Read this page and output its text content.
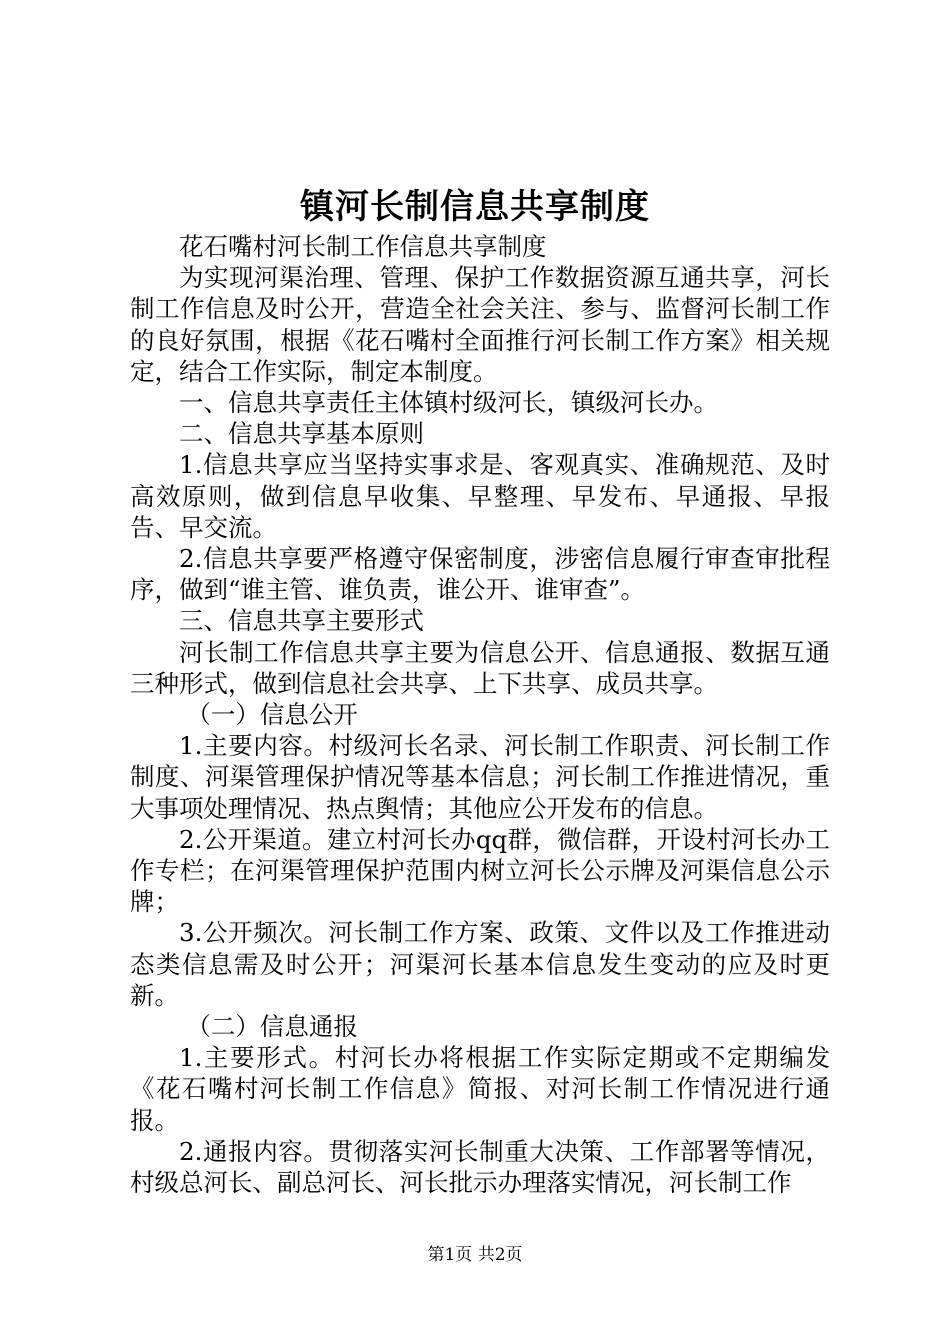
镇河长制信息共享制度

花石嘴村河长制工作信息共享制度

为实现河渠治理、管理、保护工作数据资源互通共享，河长制工作信息及时公开，营造全社会关注、参与、监督河长制工作的良好氛围，根据《花石嘴村全面推行河长制工作方案》相关规定，结合工作实际，制定本制度。

一、信息共享责任主体镇村级河长，镇级河长办。

二、信息共享基本原则

1.信息共享应当坚持实事求是、客观真实、准确规范、及时高效原则，做到信息早收集、早整理、早发布、早通报、早报告、早交流。

2.信息共享要严格遵守保密制度，涉密信息履行审查审批程序，做到“谁主管、谁负责，谁公开、谁审查”。

三、信息共享主要形式

河长制工作信息共享主要为信息公开、信息通报、数据互通三种形式，做到信息社会共享、上下共享、成员共享。

（一）信息公开

1.主要内容。村级河长名录、河长制工作职责、河长制工作制度、河渠管理保护情况等基本信息；河长制工作推进情况，重大事项处理情况、热点舆情；其他应公开发布的信息。

2.公开渠道。建立村河长办qq群，微信群，开设村河长办工作专栏；在河渠管理保护范围内树立河长公示牌及河渠信息公示牌；

3.公开频次。河长制工作方案、政策、文件以及工作推进动态类信息需及时公开；河渠河长基本信息发生变动的应及时更新。

（二）信息通报

1.主要形式。村河长办将根据工作实际定期或不定期编发《花石嘴村河长制工作信息》简报、对河长制工作情况进行通报。

2.通报内容。贯彻落实河长制重大决策、工作部署等情况，村级总河长、副总河长、河长批示办理落实情况，河长制工作

第1页 共2页
